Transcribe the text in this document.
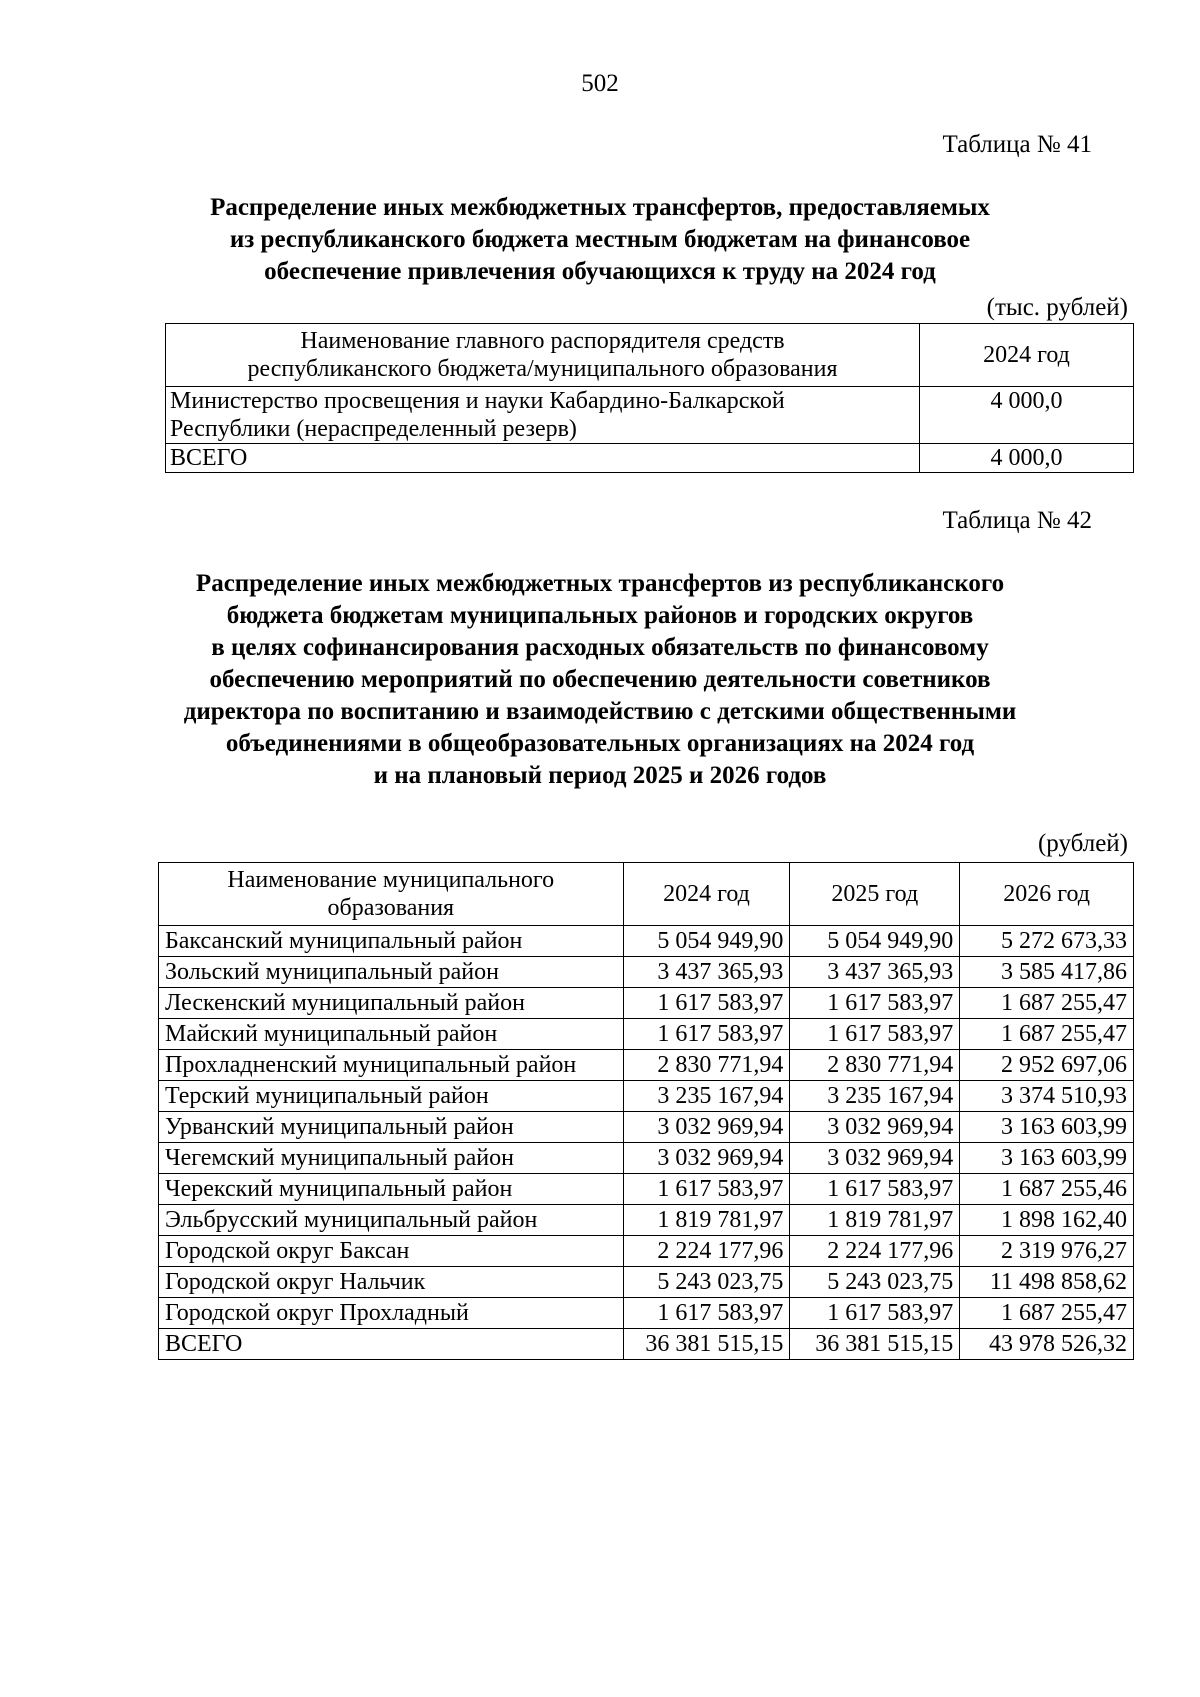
502
Таблица № 41
Распределение иных межбюджетных трансфертов, предоставляемых
из республиканского бюджета местным бюджетам на финансовое
обеспечение привлечения обучающихся к труду на 2024 год
(тыс. рублей)
Наименование главного распорядителя средств
республиканского бюджета/муниципального образования	2024 год

Министерство просвещения и науки Кабардино-Балкарской
Республики (нераспределенный резерв)	4 000,0
ВСЕГО	4 000,0
Таблица № 42
Распределение иных межбюджетных трансфертов из республиканского
бюджета бюджетам муниципальных районов и городских округов
в целях софинансирования расходных обязательств по финансовому
обеспечению мероприятий по обеспечению деятельности советников
директора по воспитанию и взаимодействию с детскими общественными
объединениями в общеобразовательных организациях на 2024 год
и на плановый период 2025 и 2026 годов
(рублей)
Наименование муниципального
образования	2024 год	2025 год	2026 год
Баксанский муниципальный район	5 054 949,90	5 054 949,90	5 272 673,33
Зольский муниципальный район	3 437 365,93	3 437 365,93	3 585 417,86
Лескенский муниципальный район	1 617 583,97	1 617 583,97	1 687 255,47
Майский муниципальный район	1 617 583,97	1 617 583,97	1 687 255,47
Прохладненский муниципальный район	2 830 771,94	2 830 771,94	2 952 697,06
Терский муниципальный район	3 235 167,94	3 235 167,94	3 374 510,93
Урванский муниципальный район	3 032 969,94	3 032 969,94	3 163 603,99
Чегемский муниципальный район	3 032 969,94	3 032 969,94	3 163 603,99
Черекский муниципальный район	1 617 583,97	1 617 583,97	1 687 255,46
Эльбрусский муниципальный район	1 819 781,97	1 819 781,97	1 898 162,40
Городской округ Баксан	2 224 177,96	2 224 177,96	2 319 976,27
Городской округ Нальчик	5 243 023,75	5 243 023,75	11 498 858,62
Городской округ Прохладный	1 617 583,97	1 617 583,97	1 687 255,47
ВСЕГО	36 381 515,15	36 381 515,15	43 978 526,32
